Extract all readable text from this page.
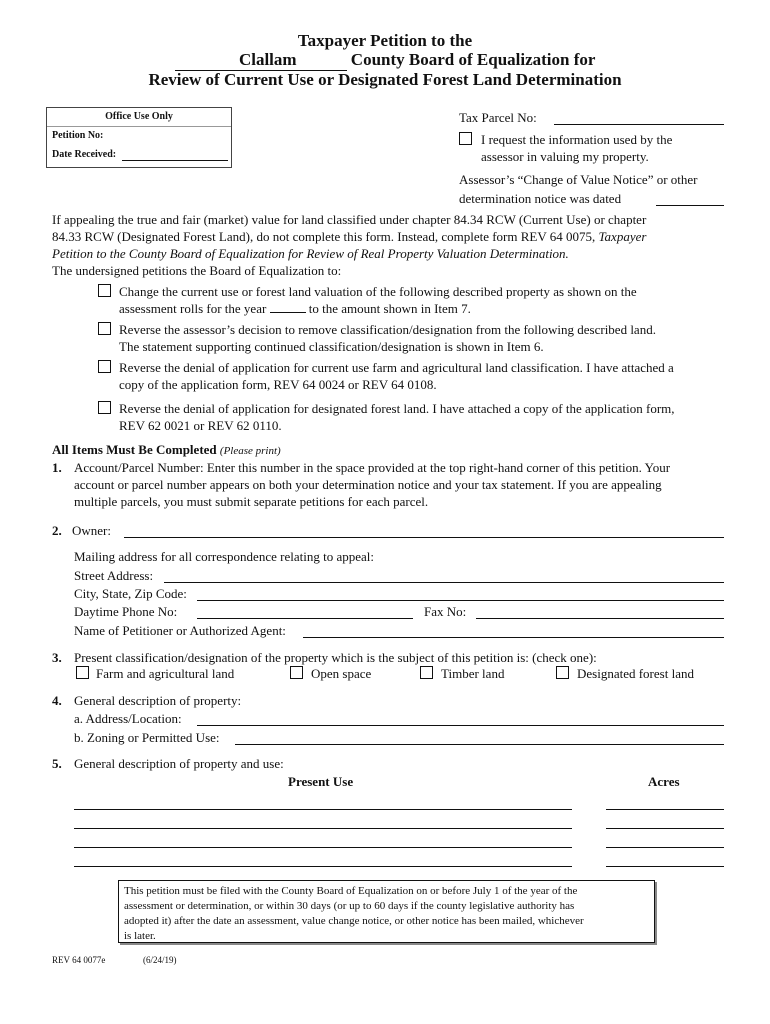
Taxpayer Petition to the
Clallam	County Board of Equalization for
Review of Current Use or Designated Forest Land Determination
Office Use Only
Petition No:
Date Received:
Tax Parcel No:
I request the information used by the
assessor in valuing my property.
Assessor’s “Change of Value Notice” or other
determination notice was dated
If appealing the true and fair (market) value for land classified under chapter 84.34 RCW (Current Use) or chapter
84.33 RCW (Designated Forest Land), do not complete this form. Instead, complete form REV 64 0075, Taxpayer
Petition to the County Board of Equalization for Review of Real Property Valuation Determination.
The undersigned petitions the Board of Equalization to:
Change the current use or forest land valuation of the following described property as shown on the
assessment rolls for the year	to the amount shown in Item 7.
Reverse the assessor’s decision to remove classification/designation from the following described land.
The statement supporting continued classification/designation is shown in Item 6.
Reverse the denial of application for current use farm and agricultural land classification. I have attached a
copy of the application form, REV 64 0024 or REV 64 0108.
Reverse the denial of application for designated forest land. I have attached a copy of the application form,
REV 62 0021 or REV 62 0110.
All Items Must Be Completed (Please print)
1. Account/Parcel Number: Enter this number in the space provided at the top right-hand corner of this petition. Your
account or parcel number appears on both your determination notice and your tax statement. If you are appealing
multiple parcels, you must submit separate petitions for each parcel.
2. Owner:
Mailing address for all correspondence relating to appeal:
Street Address:
City, State, Zip Code:
Daytime Phone No:	Fax No:
Name of Petitioner or Authorized Agent:
3. Present classification/designation of the property which is the subject of this petition is: (check one):
Farm and agricultural land	Open space	Timber land	Designated forest land
4. General description of property:
a. Address/Location:
b. Zoning or Permitted Use:
5. General description of property and use:
Present Use	Acres
This petition must be filed with the County Board of Equalization on or before July 1 of the year of the
assessment or determination, or within 30 days (or up to 60 days if the county legislative authority has
adopted it) after the date an assessment, value change notice, or other notice has been mailed, whichever
is later.
REV 64 0077e	(6/24/19)
